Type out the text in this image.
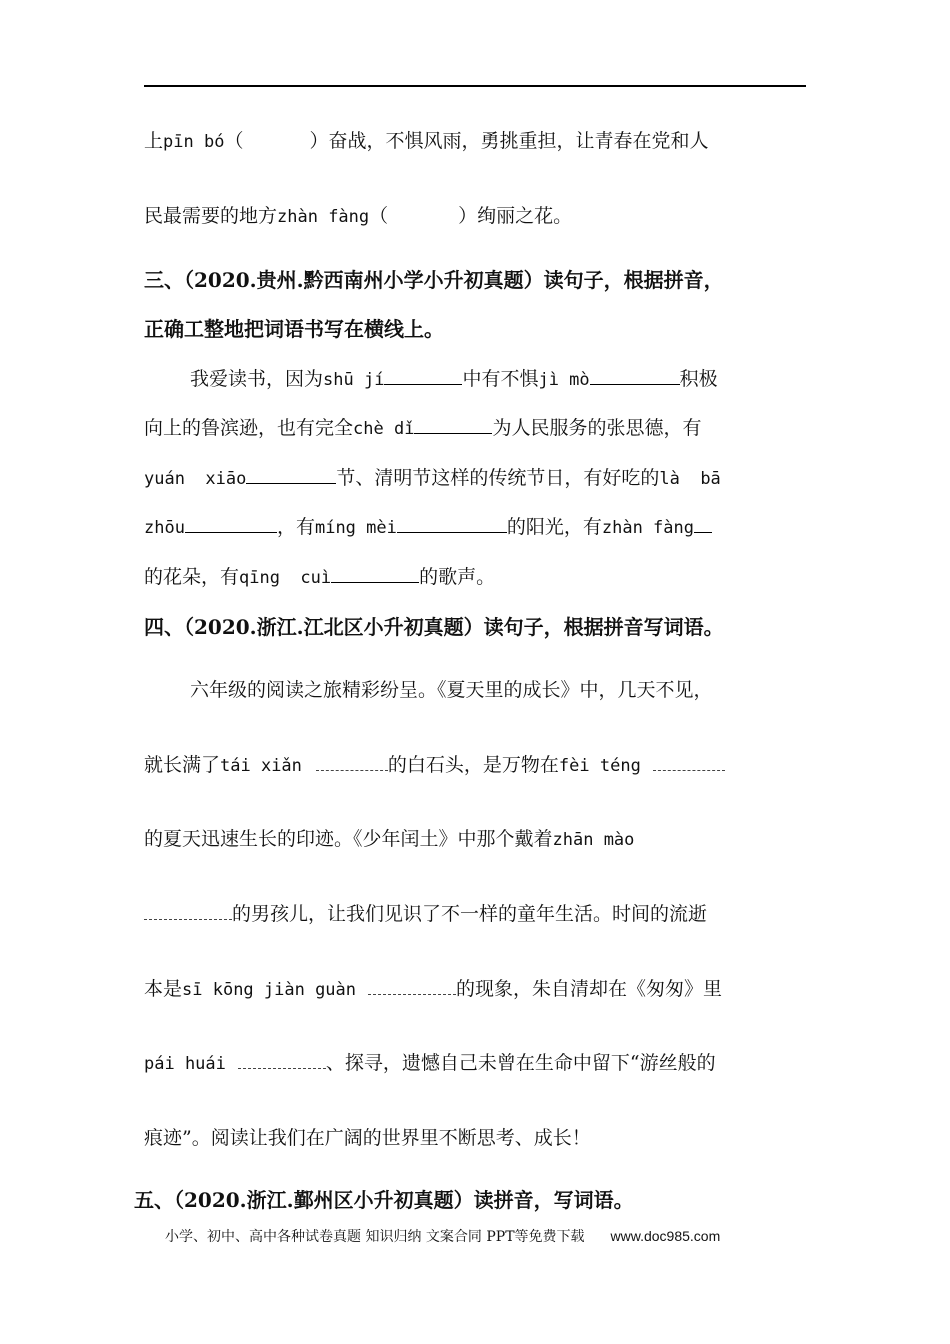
上pīn bó（	）奋战，不惧风雨，勇挑重担，让青春在党和人
民最需要的地方zhàn fàng（	）绚丽之花。
三、（2020.贵州.黔西南州小学小升初真题）读句子，根据拼音，
正确工整地把词语书写在横线上。
我爱读书，因为shū jí	中有不惧jì mò	积极
向上的鲁滨逊，也有完全chè dǐ	为人民服务的张思德，有
yuán  xiāo	节、清明节这样的传统节日，有好吃的là  bā
zhōu	，有míng mèi	的阳光，有zhàn fàng
的花朵，有qīng  cuì	的歌声。
四、（2020.浙江.江北区小升初真题）读句子，根据拼音写词语。
六年级的阅读之旅精彩纷呈。《夏天里的成长》中，几天不见，
就长满了tái xiǎn	的白石头，是万物在fèi téng
的夏天迅速生长的印迹。《少年闰土》中那个戴着zhān mào
的男孩儿，让我们见识了不一样的童年生活。时间的流逝
本是sī kōng jiàn guàn	的现象，朱自清却在《匆匆》里
pái huái	、探寻，遗憾自己未曾在生命中留下“游丝般的
痕迹”。阅读让我们在广阔的世界里不断思考、成长！
五、（2020.浙江.鄞州区小升初真题）读拼音，写词语。
小学、初中、高中各种试卷真题 知识归纳 文案合同 PPT等免费下载 www.doc985.com
